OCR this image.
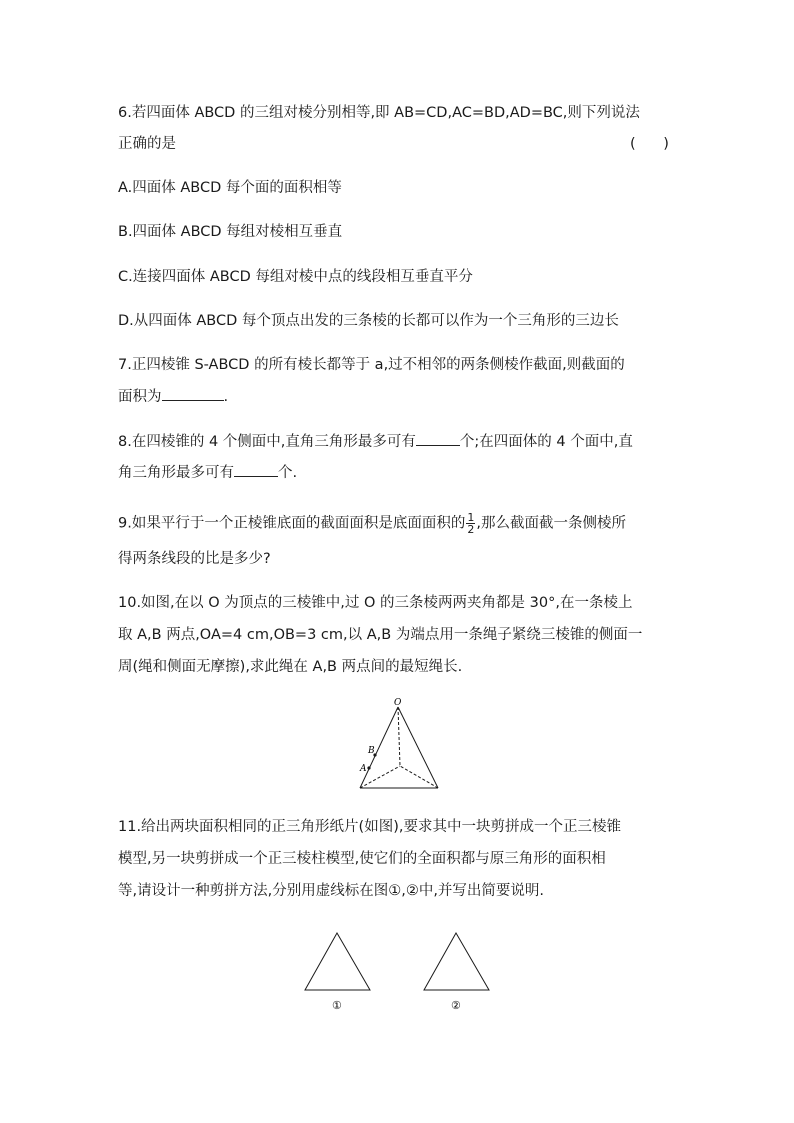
6.若四面体 ABCD 的三组对棱分别相等,即 AB=CD,AC=BD,AD=BC,则下列说法
正确的是	(      )
A.四面体 ABCD 每个面的面积相等
B.四面体 ABCD 每组对棱相互垂直
C.连接四面体 ABCD 每组对棱中点的线段相互垂直平分
D.从四面体 ABCD 每个顶点出发的三条棱的长都可以作为一个三角形的三边长
7.正四棱锥 S-ABCD 的所有棱长都等于 a,过不相邻的两条侧棱作截面,则截面的
面积为	.
8.在四棱锥的 4 个侧面中,直角三角形最多可有	个;在四面体的 4 个面中,直
角三角形最多可有	个.
9.如果平行于一个正棱锥底面的截面面积是底面面积的 $\frac{1}{2}$ ,那么截面截一条侧棱所
得两条线段的比是多少?
10.如图,在以 O 为顶点的三棱锥中,过 O 的三条棱两两夹角都是 30°,在一条棱上
取 A,B 两点,OA=4 cm,OB=3 cm,以 A,B 为端点用一条绳子紧绕三棱锥的侧面一
周(绳和侧面无摩擦),求此绳在 A,B 两点间的最短绳长.
O
B
A
11.给出两块面积相同的正三角形纸片(如图),要求其中一块剪拼成一个正三棱锥
模型,另一块剪拼成一个正三棱柱模型,使它们的全面积都与原三角形的面积相
等,请设计一种剪拼方法,分别用虚线标在图①,②中,并写出简要说明.
①	②
